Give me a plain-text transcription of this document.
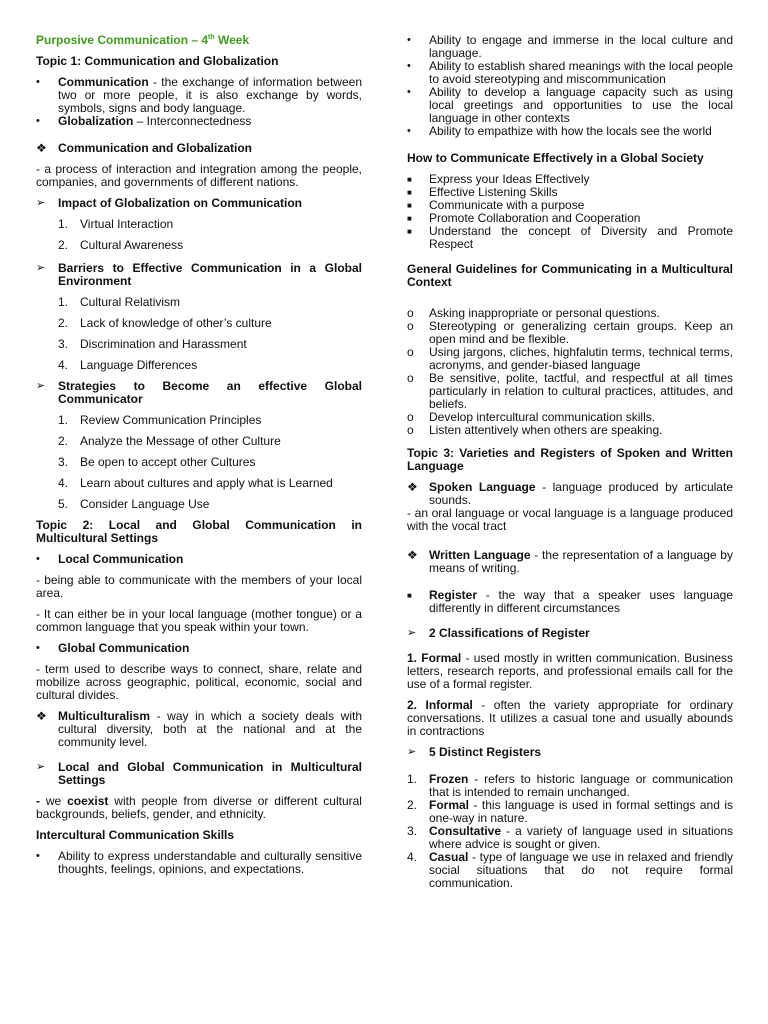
Purposive Communication – 4th Week

Topic 1: Communication and Globalization

•	Communication - the exchange of information between two or more people, it is also exchange by words, symbols, signs and body language.
•	Globalization – Interconnectedness
❖ Communication and Globalization

- a process of interaction and integration among the people, companies, and governments of different nations.

➢	Impact of Globalization on Communication
1. Virtual Interaction
2. Cultural Awareness
➢	Barriers to Effective Communication in a Global Environment
1. Cultural Relativism
2. Lack of knowledge of other’s culture
3. Discrimination and Harassment
4. Language Differences
➢	Strategies to Become an effective Global Communicator
1. Review Communication Principles
2. Analyze the Message of other Culture
3. Be open to accept other Cultures
4. Learn about cultures and apply what is Learned
5. Consider Language Use

Topic 2: Local and Global Communication in Multicultural Settings

•	Local Communication

- being able to communicate with the members of your local area.

- It can either be in your local language (mother tongue) or a common language that you speak within your town.

•	Global Communication

- term used to describe ways to connect, share, relate and mobilize across geographic, political, economic, social and cultural divides.

❖ Multiculturalism - way in which a society deals with cultural diversity, both at the national and at the community level.
➢	Local and Global Communication in Multicultural Settings

- we coexist with people from diverse or different cultural backgrounds, beliefs, gender, and ethnicity.

Intercultural Communication Skills

•	Ability to express understandable and culturally sensitive thoughts, feelings, opinions, and expectations.
•	Ability to engage and immerse in the local culture and language.
•	Ability to establish shared meanings with the local people to avoid stereotyping and miscommunication
•	Ability to develop a language capacity such as using local greetings and opportunities to use the local language in other contexts
•	Ability to empathize with how the locals see the world

How to Communicate Effectively in a Global Society

■	Express your Ideas Effectively
■	Effective Listening Skills
■	Communicate with a purpose
■	Promote Collaboration and Cooperation
■	Understand the concept of Diversity and Promote Respect

General Guidelines for Communicating in a Multicultural Context

o	Asking inappropriate or personal questions.
o	Stereotyping or generalizing certain groups. Keep an open mind and be flexible.
o	Using jargons, cliches, highfalutin terms, technical terms, acronyms, and gender-biased language
o	Be sensitive, polite, tactful, and respectful at all times particularly in relation to cultural practices, attitudes, and beliefs.
o	Develop intercultural communication skills.
o	Listen attentively when others are speaking.

Topic 3: Varieties and Registers of Spoken and Written Language

❖ Spoken Language - language produced by articulate sounds.

- an oral language or vocal language is a language produced with the vocal tract

❖ Written Language - the representation of a language by means of writing.
■	Register - the way that a speaker uses language differently in different circumstances
➢	2 Classifications of Register

1. Formal - used mostly in written communication. Business letters, research reports, and professional emails call for the use of a formal register.

2. Informal - often the variety appropriate for ordinary conversations. It utilizes a casual tone and usually abounds in contractions

➢	5 Distinct Registers
1. Frozen - refers to historic language or communication that is intended to remain unchanged.
2. Formal - this language is used in formal settings and is one-way in nature.
3. Consultative - a variety of language used in situations where advice is sought or given.
4. Casual - type of language we use in relaxed and friendly social situations that do not require formal communication.
